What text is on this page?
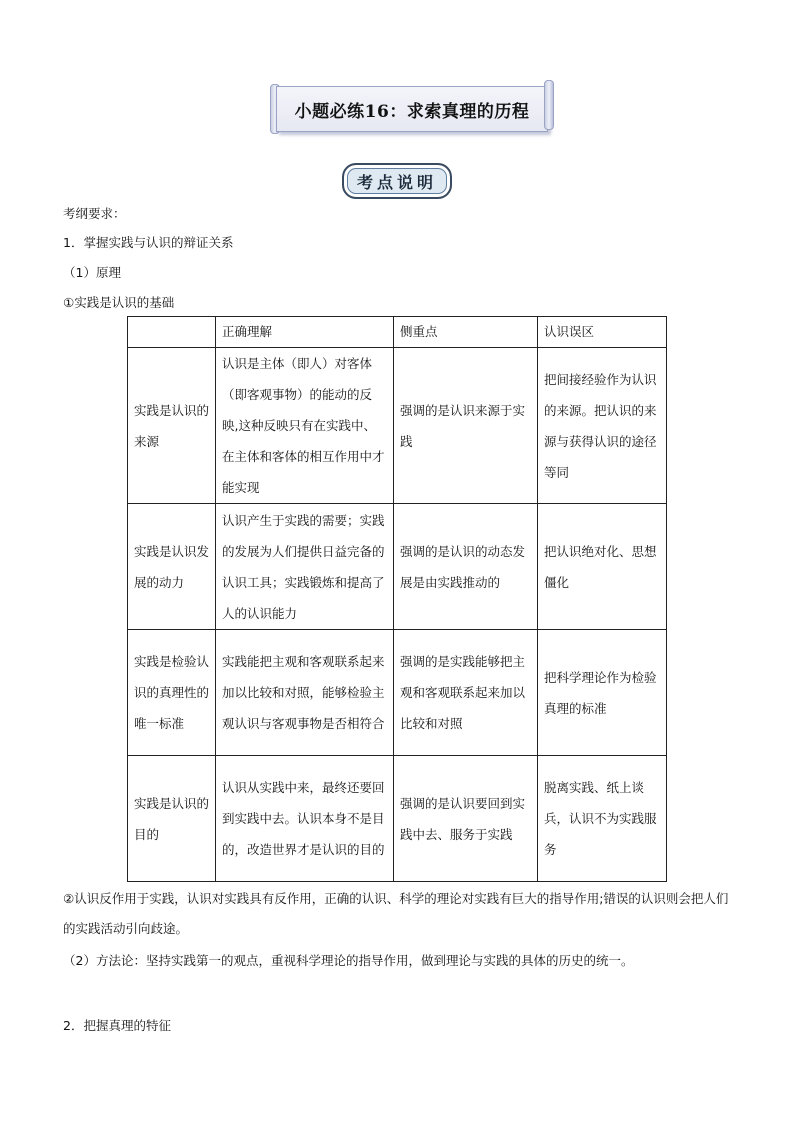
小题必练16：求索真理的历程
考点说明
考纲要求：
1．掌握实践与认识的辩证关系
（1）原理
①实践是认识的基础
	正确理解	侧重点	认识误区
实践是认识的来源	认识是主体（即人）对客体（即客观事物）的能动的反映,这种反映只有在实践中、在主体和客体的相互作用中才能实现	强调的是认识来源于实践	把间接经验作为认识的来源。把认识的来源与获得认识的途径等同
实践是认识发展的动力	认识产生于实践的需要；实践的发展为人们提供日益完备的认识工具；实践锻炼和提高了人的认识能力	强调的是认识的动态发展是由实践推动的	把认识绝对化、思想僵化
实践是检验认识的真理性的唯一标准	实践能把主观和客观联系起来加以比较和对照，能够检验主观认识与客观事物是否相符合	强调的是实践能够把主观和客观联系起来加以比较和对照	把科学理论作为检验真理的标准
实践是认识的目的	认识从实践中来，最终还要回到实践中去。认识本身不是目的，改造世界才是认识的目的	强调的是认识要回到实践中去、服务于实践	脱离实践、纸上谈兵，认识不为实践服务
②认识反作用于实践，认识对实践具有反作用，正确的认识、科学的理论对实践有巨大的指导作用;错误的认识则会把人们的实践活动引向歧途。
（2）方法论：坚持实践第一的观点，重视科学理论的指导作用，做到理论与实践的具体的历史的统一。
2．把握真理的特征
